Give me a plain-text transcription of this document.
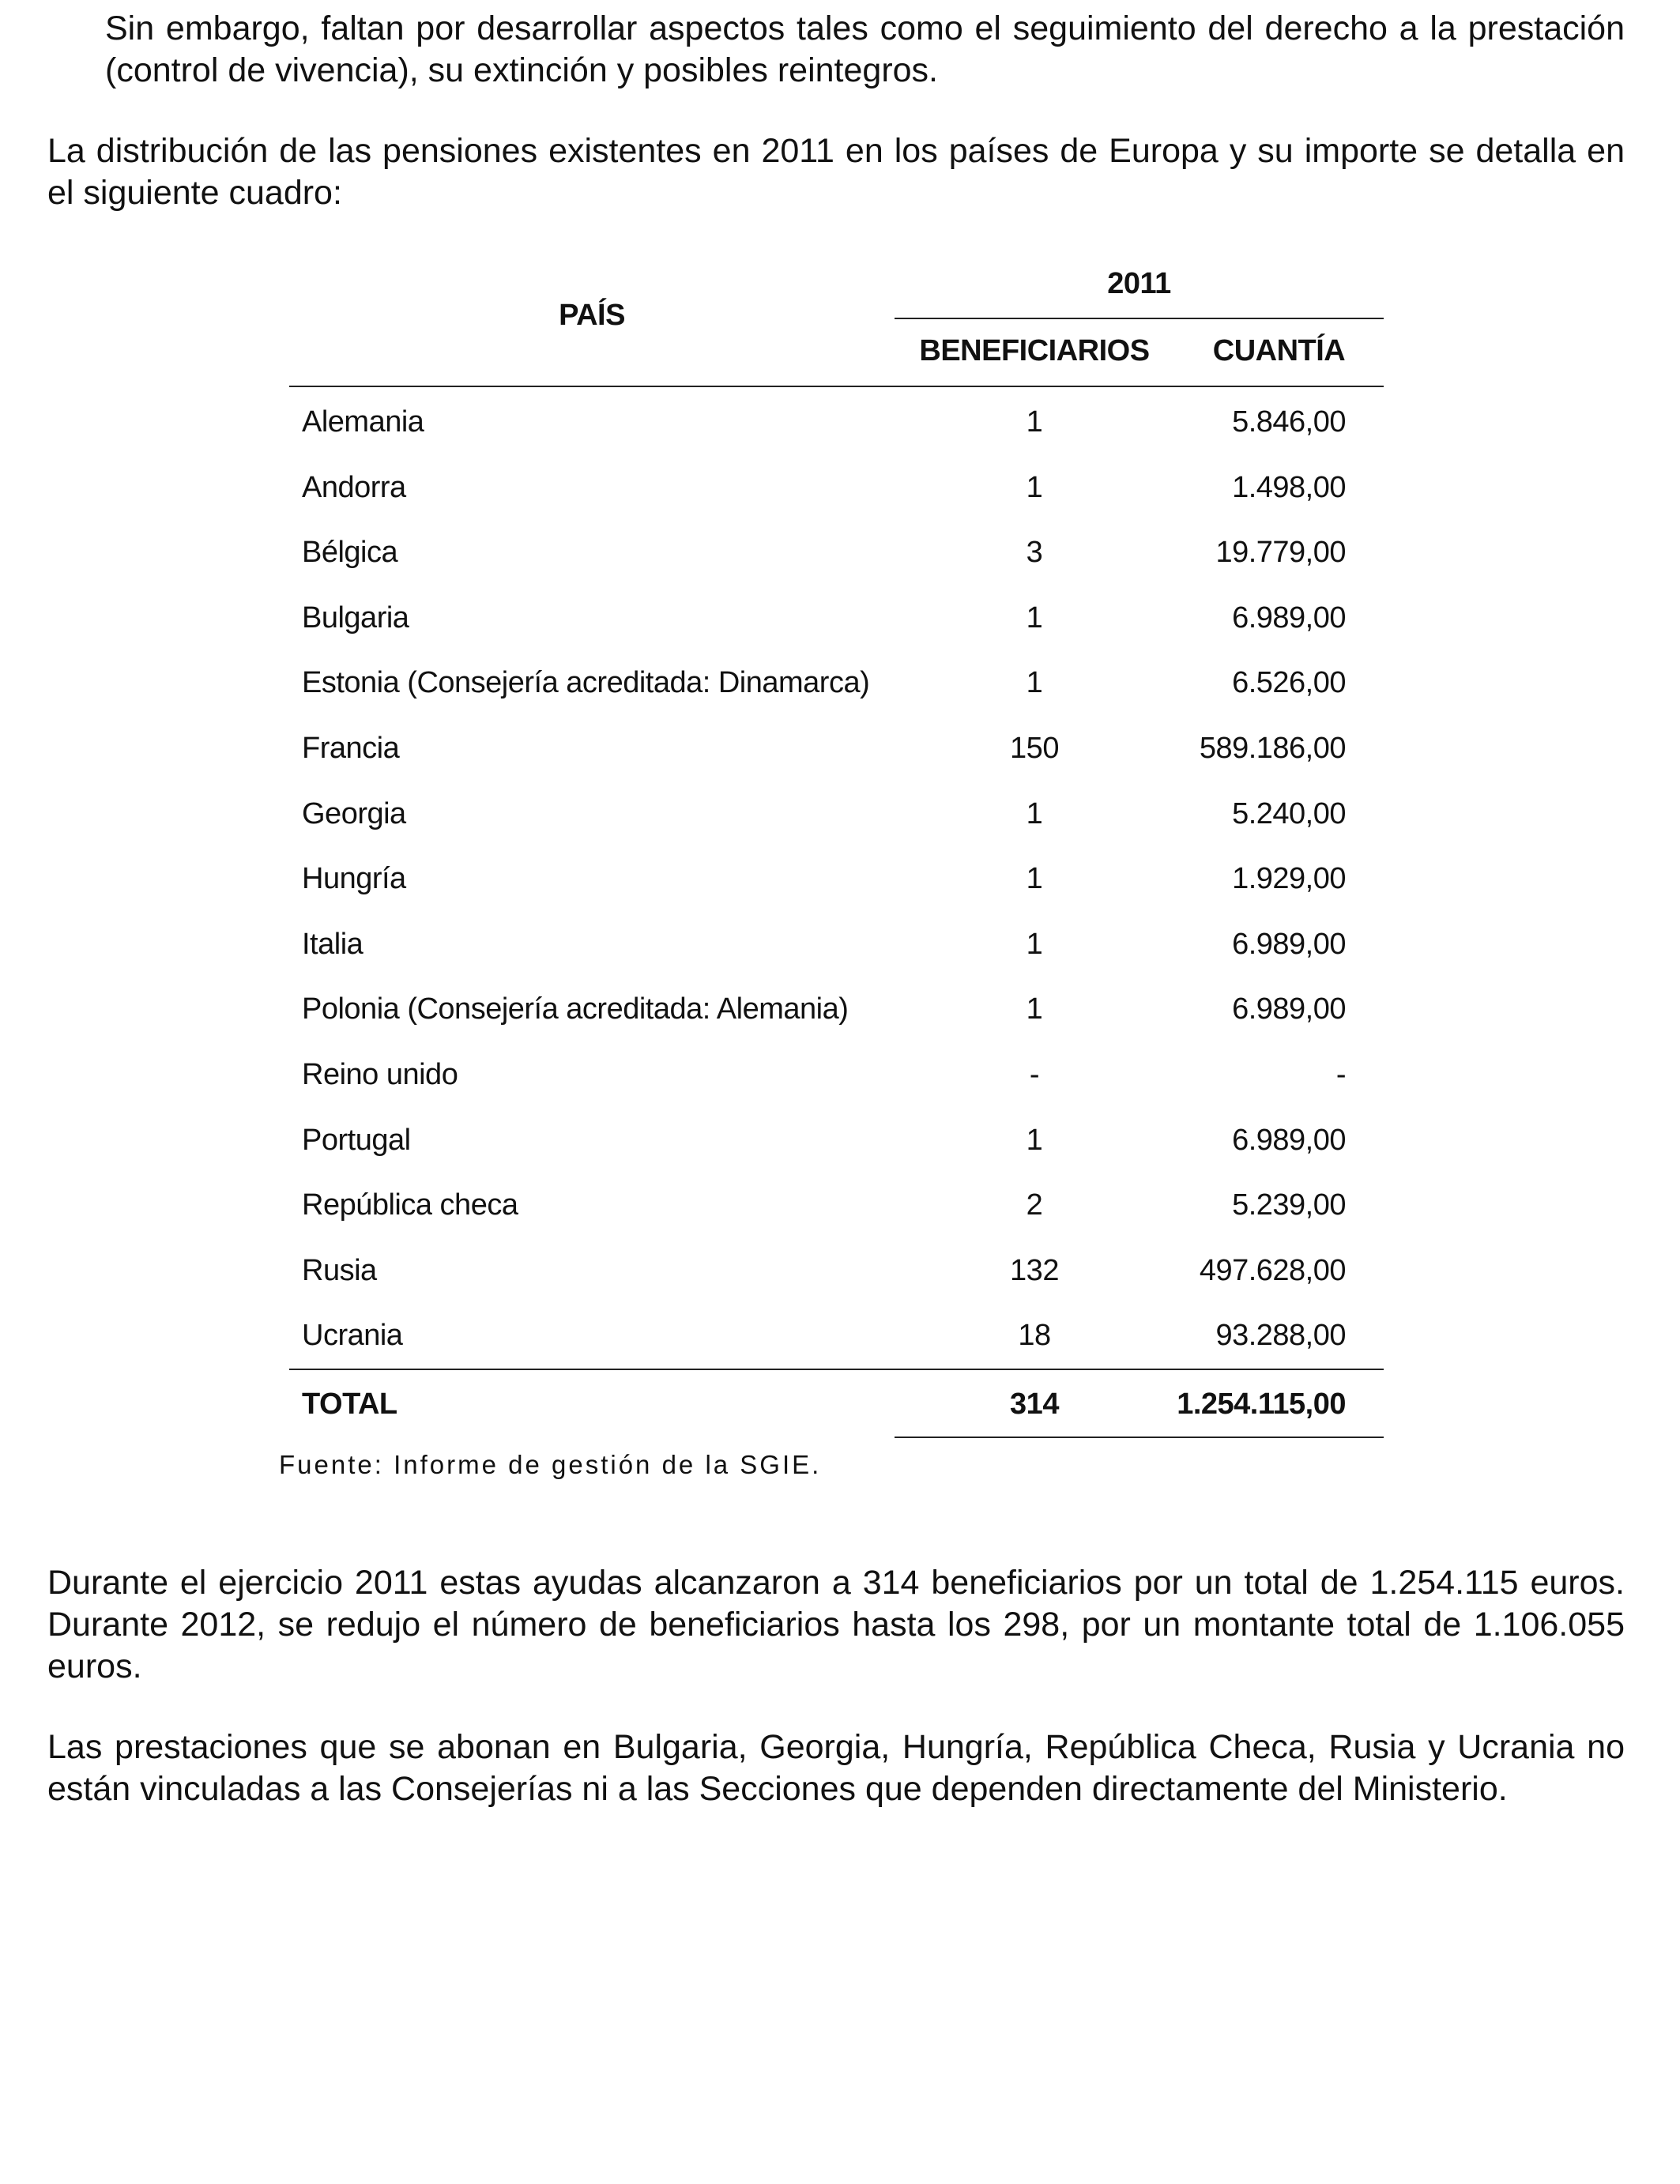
Sin embargo, faltan por desarrollar aspectos tales como el seguimiento del derecho a la prestación (control de vivencia), su extinción y posibles reintegros.

La distribución de las pensiones existentes en 2011 en los países de Europa y su importe se detalla en el siguiente cuadro:

PAÍS
2011
BENEFICIARIOS	CUANTÍA
Alemania	1	5.846,00
Andorra	1	1.498,00
Bélgica	3	19.779,00
Bulgaria	1	6.989,00
Estonia (Consejería acreditada: Dinamarca)	1	6.526,00
Francia	150	589.186,00
Georgia	1	5.240,00
Hungría	1	1.929,00
Italia	1	6.989,00
Polonia (Consejería acreditada: Alemania)	1	6.989,00
Reino unido	-	-
Portugal	1	6.989,00
República checa	2	5.239,00
Rusia	132	497.628,00
Ucrania	18	93.288,00
TOTAL	314	1.254.115,00
Fuente: Informe de gestión de la SGIE.

Durante el ejercicio 2011 estas ayudas alcanzaron a 314 beneficiarios por un total de 1.254.115 euros. Durante 2012, se redujo el número de beneficiarios hasta los 298, por un montante total de 1.106.055 euros.

Las prestaciones que se abonan en Bulgaria, Georgia, Hungría, República Checa, Rusia y Ucrania no están vinculadas a las Consejerías ni a las Secciones que dependen directamente del Ministerio.
